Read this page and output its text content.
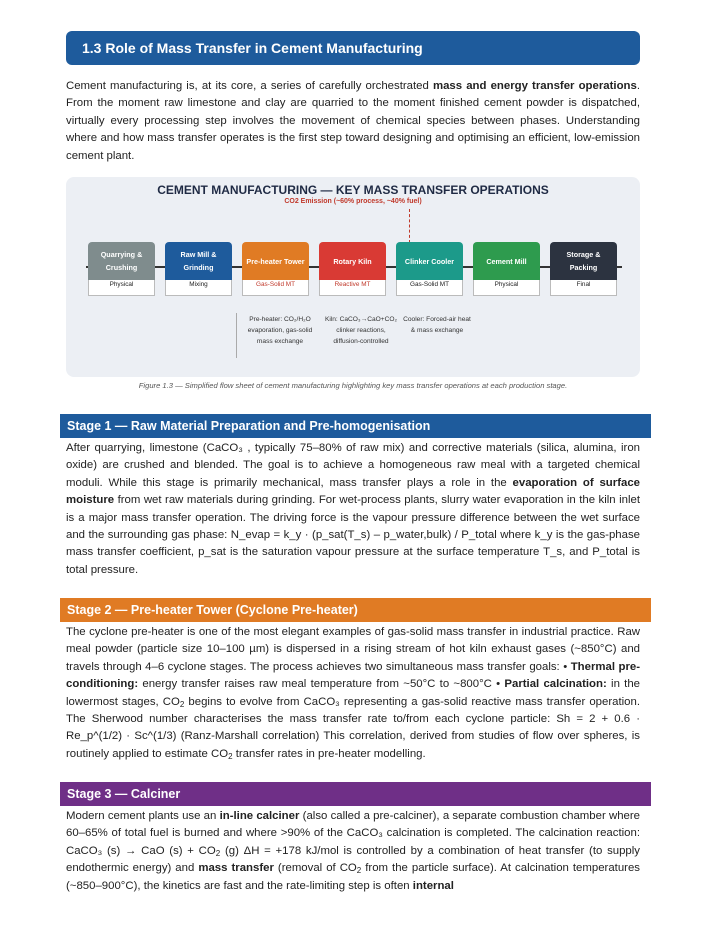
1.3 Role of Mass Transfer in Cement Manufacturing
Cement manufacturing is, at its core, a series of carefully orchestrated mass and energy transfer operations. From the moment raw limestone and clay are quarried to the moment finished cement powder is dispatched, virtually every processing step involves the movement of chemical species between phases. Understanding where and how mass transfer operates is the first step toward designing and optimising an efficient, low-emission cement plant.
CEMENT MANUFACTURING — KEY MASS TRANSFER OPERATIONS
CO2 Emission (~60% process, ~40% fuel)
Quarrying & Crushing
Physical
Raw Mill & Grinding
Mixing
Pre-heater Tower
Gas-Solid MT
Rotary Kiln
Reactive MT
Clinker Cooler
Gas-Solid MT
Cement Mill
Physical
Storage & Packing
Final
Pre-heater: CO₂/H₂O evaporation, gas-solid mass exchange
Kiln: CaCO₃→CaO+CO₂ clinker reactions, diffusion-controlled
Cooler: Forced-air heat & mass exchange
Figure 1.3 — Simplified flow sheet of cement manufacturing highlighting key mass transfer operations at each production stage.
Stage 1 — Raw Material Preparation and Pre-homogenisation
After quarrying, limestone (CaCO₃ , typically 75–80% of raw mix) and corrective materials (silica, alumina, iron oxide) are crushed and blended. The goal is to achieve a homogeneous raw meal with a targeted chemical moduli. While this stage is primarily mechanical, mass transfer plays a role in the evaporation of surface moisture from wet raw materials during grinding. For wet-process plants, slurry water evaporation in the kiln inlet is a major mass transfer operation. The driving force is the vapour pressure difference between the wet surface and the surrounding gas phase: N_evap = k_y · (p_sat(T_s) – p_water,bulk) / P_total where k_y is the gas-phase mass transfer coefficient, p_sat is the saturation vapour pressure at the surface temperature T_s, and P_total is total pressure.
Stage 2 — Pre-heater Tower (Cyclone Pre-heater)
The cyclone pre-heater is one of the most elegant examples of gas-solid mass transfer in industrial practice. Raw meal powder (particle size 10–100 µm) is dispersed in a rising stream of hot kiln exhaust gases (~850°C) and travels through 4–6 cyclone stages. The process achieves two simultaneous mass transfer goals: • Thermal pre-conditioning: energy transfer raises raw meal temperature from ~50°C to ~800°C • Partial calcination: in the lowermost stages, $CO_2$ begins to evolve from CaCO₃ representing a gas-solid reactive mass transfer operation. The Sherwood number characterises the mass transfer rate to/from each cyclone particle: Sh = 2 + 0.6 · Re_p^(1/2) · Sc^(1/3) (Ranz-Marshall correlation) This correlation, derived from studies of flow over spheres, is routinely applied to estimate $CO_2$ transfer rates in pre-heater modelling.
Stage 3 — Calciner
Modern cement plants use an in-line calciner (also called a pre-calciner), a separate combustion chamber where 60–65% of total fuel is burned and where >90% of the CaCO₃ calcination is completed. The calcination reaction: CaCO₃ (s) → CaO $(s) + CO_2$ (g) ΔH = +178 kJ/mol is controlled by a combination of heat transfer (to supply endothermic energy) and mass transfer (removal of $CO_2$ from the particle surface). At calcination temperatures (~850–900°C), the kinetics are fast and the rate-limiting step is often internal
